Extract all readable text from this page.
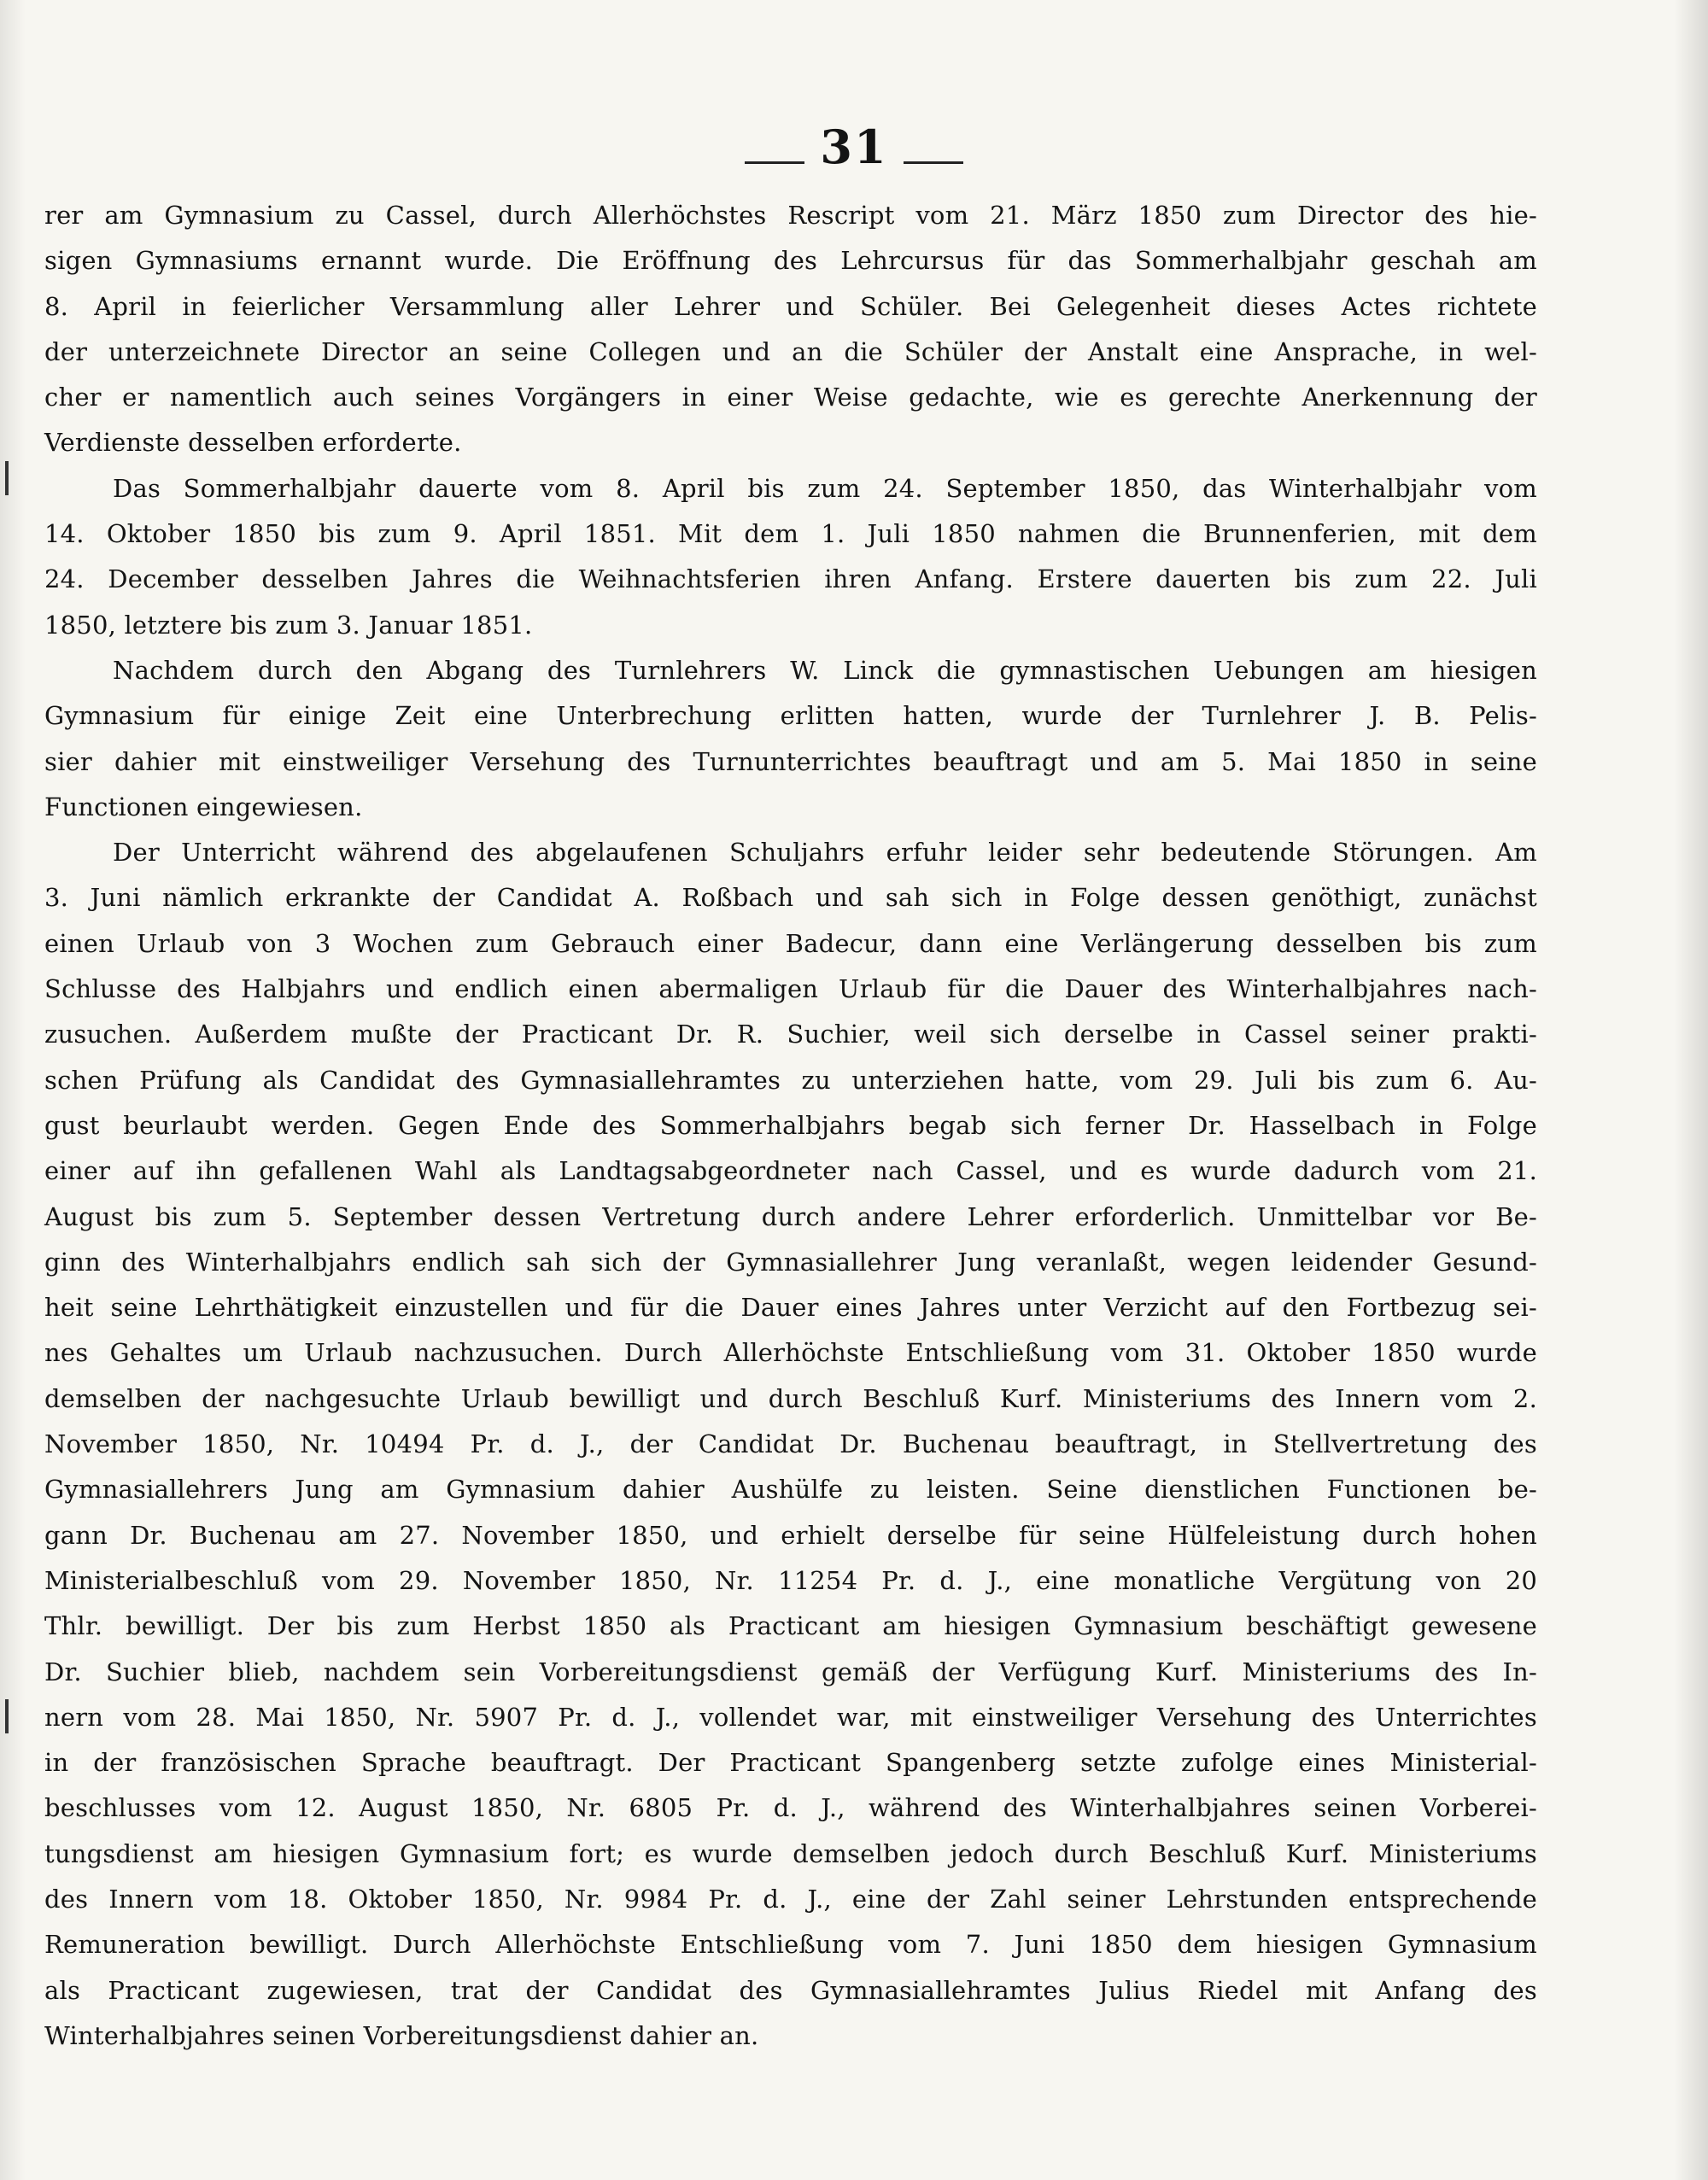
31
rer am Gymnasium zu Cassel, durch Allerhöchstes Rescript vom 21. März 1850 zum Director des hie-
sigen Gymnasiums ernannt wurde. Die Eröffnung des Lehrcursus für das Sommerhalbjahr geschah am
8. April in feierlicher Versammlung aller Lehrer und Schüler. Bei Gelegenheit dieses Actes richtete
der unterzeichnete Director an seine Collegen und an die Schüler der Anstalt eine Ansprache, in wel-
cher er namentlich auch seines Vorgängers in einer Weise gedachte, wie es gerechte Anerkennung der
Verdienste desselben erforderte.
Das Sommerhalbjahr dauerte vom 8. April bis zum 24. September 1850, das Winterhalbjahr vom
14. Oktober 1850 bis zum 9. April 1851. Mit dem 1. Juli 1850 nahmen die Brunnenferien, mit dem
24. December desselben Jahres die Weihnachtsferien ihren Anfang. Erstere dauerten bis zum 22. Juli
1850, letztere bis zum 3. Januar 1851.
Nachdem durch den Abgang des Turnlehrers W. Linck die gymnastischen Uebungen am hiesigen
Gymnasium für einige Zeit eine Unterbrechung erlitten hatten, wurde der Turnlehrer J. B. Pelis-
sier dahier mit einstweiliger Versehung des Turnunterrichtes beauftragt und am 5. Mai 1850 in seine
Functionen eingewiesen.
Der Unterricht während des abgelaufenen Schuljahrs erfuhr leider sehr bedeutende Störungen. Am
3. Juni nämlich erkrankte der Candidat A. Roßbach und sah sich in Folge dessen genöthigt, zunächst
einen Urlaub von 3 Wochen zum Gebrauch einer Badecur, dann eine Verlängerung desselben bis zum
Schlusse des Halbjahrs und endlich einen abermaligen Urlaub für die Dauer des Winterhalbjahres nach-
zusuchen. Außerdem mußte der Practicant Dr. R. Suchier, weil sich derselbe in Cassel seiner prakti-
schen Prüfung als Candidat des Gymnasiallehramtes zu unterziehen hatte, vom 29. Juli bis zum 6. Au-
gust beurlaubt werden. Gegen Ende des Sommerhalbjahrs begab sich ferner Dr. Hasselbach in Folge
einer auf ihn gefallenen Wahl als Landtagsabgeordneter nach Cassel, und es wurde dadurch vom 21.
August bis zum 5. September dessen Vertretung durch andere Lehrer erforderlich. Unmittelbar vor Be-
ginn des Winterhalbjahrs endlich sah sich der Gymnasiallehrer Jung veranlaßt, wegen leidender Gesund-
heit seine Lehrthätigkeit einzustellen und für die Dauer eines Jahres unter Verzicht auf den Fortbezug sei-
nes Gehaltes um Urlaub nachzusuchen. Durch Allerhöchste Entschließung vom 31. Oktober 1850 wurde
demselben der nachgesuchte Urlaub bewilligt und durch Beschluß Kurf. Ministeriums des Innern vom 2.
November 1850, Nr. 10494 Pr. d. J., der Candidat Dr. Buchenau beauftragt, in Stellvertretung des
Gymnasiallehrers Jung am Gymnasium dahier Aushülfe zu leisten. Seine dienstlichen Functionen be-
gann Dr. Buchenau am 27. November 1850, und erhielt derselbe für seine Hülfeleistung durch hohen
Ministerialbeschluß vom 29. November 1850, Nr. 11254 Pr. d. J., eine monatliche Vergütung von 20
Thlr. bewilligt. Der bis zum Herbst 1850 als Practicant am hiesigen Gymnasium beschäftigt gewesene
Dr. Suchier blieb, nachdem sein Vorbereitungsdienst gemäß der Verfügung Kurf. Ministeriums des In-
nern vom 28. Mai 1850, Nr. 5907 Pr. d. J., vollendet war, mit einstweiliger Versehung des Unterrichtes
in der französischen Sprache beauftragt. Der Practicant Spangenberg setzte zufolge eines Ministerial-
beschlusses vom 12. August 1850, Nr. 6805 Pr. d. J., während des Winterhalbjahres seinen Vorberei-
tungsdienst am hiesigen Gymnasium fort; es wurde demselben jedoch durch Beschluß Kurf. Ministeriums
des Innern vom 18. Oktober 1850, Nr. 9984 Pr. d. J., eine der Zahl seiner Lehrstunden entsprechende
Remuneration bewilligt. Durch Allerhöchste Entschließung vom 7. Juni 1850 dem hiesigen Gymnasium
als Practicant zugewiesen, trat der Candidat des Gymnasiallehramtes Julius Riedel mit Anfang des
Winterhalbjahres seinen Vorbereitungsdienst dahier an.
